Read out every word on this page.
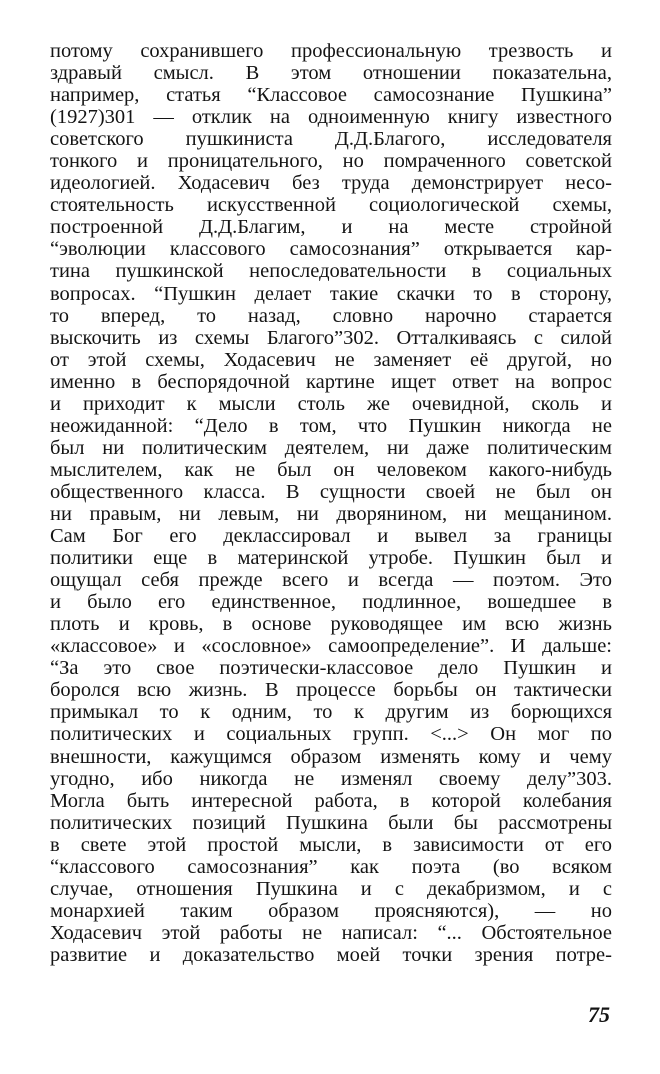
потому сохранившего профессиональную трезвость и
здравый смысл. В этом отношении показательна,
например, статья “Классовое самосознание Пушкина”
(1927)301 — отклик на одноименную книгу известного
советского пушкиниста Д.Д.Благого, исследователя
тонкого и проницательного, но помраченного советской
идеологией. Ходасевич без труда демонстрирует несо-
стоятельность искусственной социологической схемы,
построенной Д.Д.Благим, и на месте стройной
“эволюции классового самосознания” открывается кар-
тина пушкинской непоследовательности в социальных
вопросах. “Пушкин делает такие скачки то в сторону,
то вперед, то назад, словно нарочно старается
выскочить из схемы Благого”302. Отталкиваясь с силой
от этой схемы, Ходасевич не заменяет её другой, но
именно в беспорядочной картине ищет ответ на вопрос
и приходит к мысли столь же очевидной, сколь и
неожиданной: “Дело в том, что Пушкин никогда не
был ни политическим деятелем, ни даже политическим
мыслителем, как не был он человеком какого-нибудь
общественного класса. В сущности своей не был он
ни правым, ни левым, ни дворянином, ни мещанином.
Сам Бог его деклассировал и вывел за границы
политики еще в материнской утробе. Пушкин был и
ощущал себя прежде всего и всегда — поэтом. Это
и было его единственное, подлинное, вошедшее в
плоть и кровь, в основе руководящее им всю жизнь
«классовое» и «сословное» самоопределение”. И дальше:
“За это свое поэтически-классовое дело Пушкин и
боролся всю жизнь. В процессе борьбы он тактически
примыкал то к одним, то к другим из борющихся
политических и социальных групп. <...> Он мог по
внешности, кажущимся образом изменять кому и чему
угодно, ибо никогда не изменял своему делу”303.
Могла быть интересной работа, в которой колебания
политических позиций Пушкина были бы рассмотрены
в свете этой простой мысли, в зависимости от его
“классового самосознания” как поэта (во всяком
случае, отношения Пушкина и с декабризмом, и с
монархией таким образом проясняются), — но
Ходасевич этой работы не написал: “... Обстоятельное
развитие и доказательство моей точки зрения потре-
75
